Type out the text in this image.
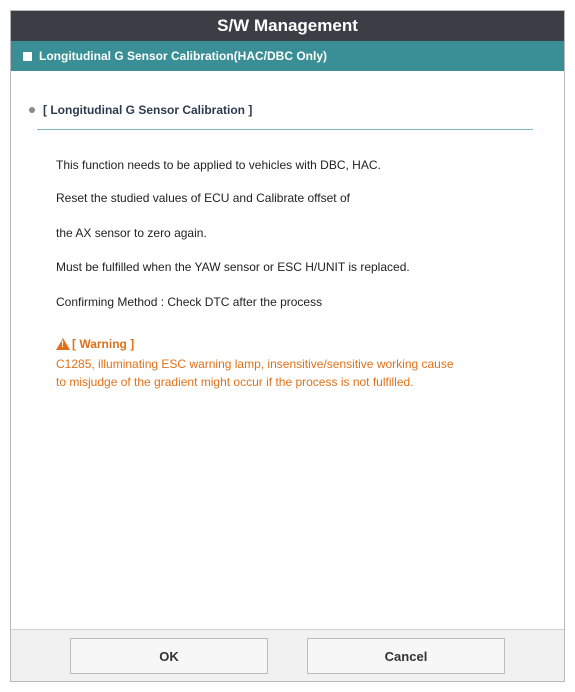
S/W Management
Longitudinal G Sensor Calibration(HAC/DBC Only)
[ Longitudinal G Sensor Calibration ]
This function needs to be applied to vehicles with DBC, HAC.
Reset the studied values of ECU and Calibrate offset of
the AX sensor to zero again.
Must be fulfilled when the YAW sensor or ESC H/UNIT is replaced.
Confirming Method : Check DTC after the process
!
[ Warning ]
C1285, illuminating ESC warning lamp, insensitive/sensitive working cause
to misjudge of the gradient might occur if the process is not fulfilled.
OK	Cancel
